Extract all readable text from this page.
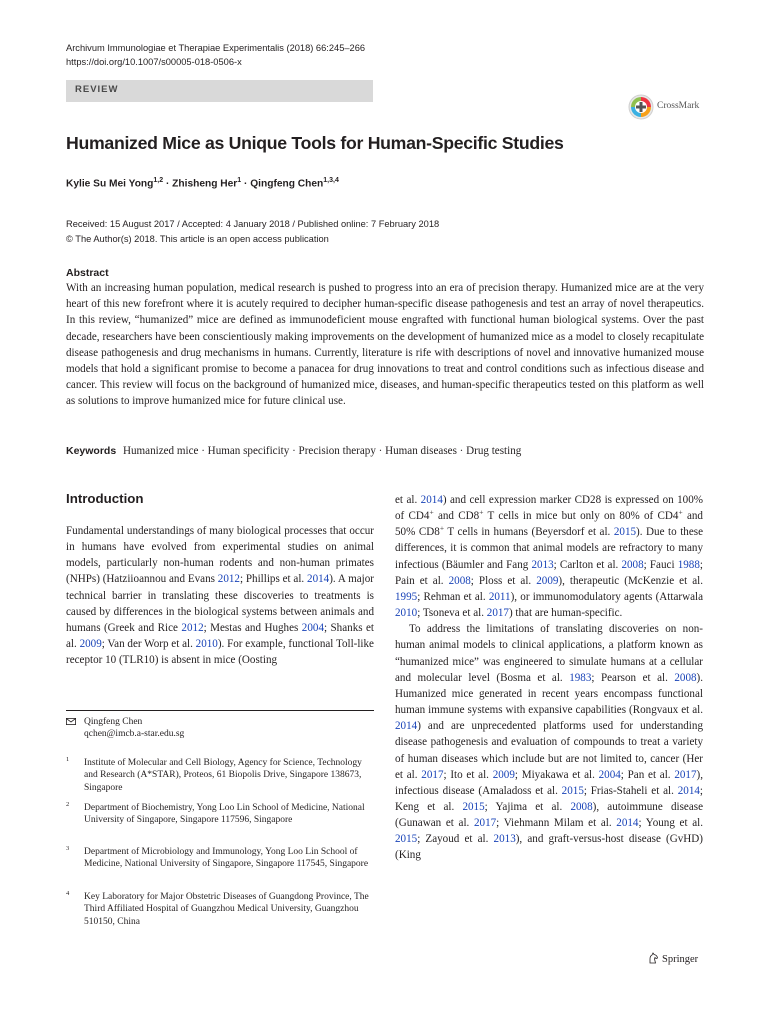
Archivum Immunologiae et Therapiae Experimentalis (2018) 66:245–266
https://doi.org/10.1007/s00005-018-0506-x
REVIEW
CrossMark
Humanized Mice as Unique Tools for Human-Specific Studies
Kylie Su Mei Yong$^{1,2}$ · Zhisheng Her$^1$ · Qingfeng Chen$^{1,3,4}$
Received: 15 August 2017 / Accepted: 4 January 2018 / Published online: 7 February 2018
© The Author(s) 2018. This article is an open access publication
Abstract

With an increasing human population, medical research is pushed to progress into an era of precision therapy. Humanized mice are at the very heart of this new forefront where it is acutely required to decipher human-specific disease pathogenesis and test an array of novel therapeutics. In this review, “humanized” mice are defined as immunodeficient mouse engrafted with functional human biological systems. Over the past decade, researchers have been conscientiously making improvements on the development of humanized mice as a model to closely recapitulate disease pathogenesis and drug mechanisms in humans. Currently, literature is rife with descriptions of novel and innovative humanized mouse models that hold a significant promise to become a panacea for drug innovations to treat and control conditions such as infectious disease and cancer. This review will focus on the background of humanized mice, diseases, and human-specific therapeutics tested on this platform as well as solutions to improve humanized mice for future clinical use.

Keywords Humanized mice · Human specificity · Precision therapy · Human diseases · Drug testing
Introduction

Fundamental understandings of many biological processes that occur in humans have evolved from experimental studies on animal models, particularly non-human rodents and non-human primates (NHPs) (Hatziioannou and Evans 2012; Phillips et al. 2014). A major technical barrier in translating these discoveries to treatments is caused by differences in the biological systems between animals and humans (Greek and Rice 2012; Mestas and Hughes 2004; Shanks et al. 2009; Van der Worp et al. 2010). For example, functional Toll-like receptor 10 (TLR10) is absent in mice (Oosting

et al. 2014) and cell expression marker CD28 is expressed on 100% of CD4+ and CD8+ T cells in mice but only on 80% of CD4+ and 50% CD8+ T cells in humans (Beyersdorf et al. 2015). Due to these differences, it is common that animal models are refractory to many infectious (Bäumler and Fang 2013; Carlton et al. 2008; Fauci 1988; Pain et al. 2008; Ploss et al. 2009), therapeutic (McKenzie et al. 1995; Rehman et al. 2011), or immunomodulatory agents (Attarwala 2010; Tsoneva et al. 2017) that are human-specific.

To address the limitations of translating discoveries on non-human animal models to clinical applications, a platform known as “humanized mice” was engineered to simulate humans at a cellular and molecular level (Bosma et al. 1983; Pearson et al. 2008). Humanized mice generated in recent years encompass functional human immune systems with expansive capabilities (Rongvaux et al. 2014) and are unprecedented platforms used for understanding disease pathogenesis and evaluation of compounds to treat a variety of human diseases which include but are not limited to, cancer (Her et al. 2017; Ito et al. 2009; Miyakawa et al. 2004; Pan et al. 2017), infectious disease (Amaladoss et al. 2015; Frias-Staheli et al. 2014; Keng et al. 2015; Yajima et al. 2008), autoimmune disease (Gunawan et al. 2017; Viehmann Milam et al. 2014; Young et al. 2015; Zayoud et al. 2013), and graft-versus-host disease (GvHD) (King

Qingfeng Chen
qchen@imcb.a-star.edu.sg
1 Institute of Molecular and Cell Biology, Agency for Science, Technology and Research (A*STAR), Proteos, 61 Biopolis Drive, Singapore 138673, Singapore
2 Department of Biochemistry, Yong Loo Lin School of Medicine, National University of Singapore, Singapore 117596, Singapore
3 Department of Microbiology and Immunology, Yong Loo Lin School of Medicine, National University of Singapore, Singapore 117545, Singapore
4 Key Laboratory for Major Obstetric Diseases of Guangdong Province, The Third Affiliated Hospital of Guangzhou Medical University, Guangzhou 510150, China
Springer
